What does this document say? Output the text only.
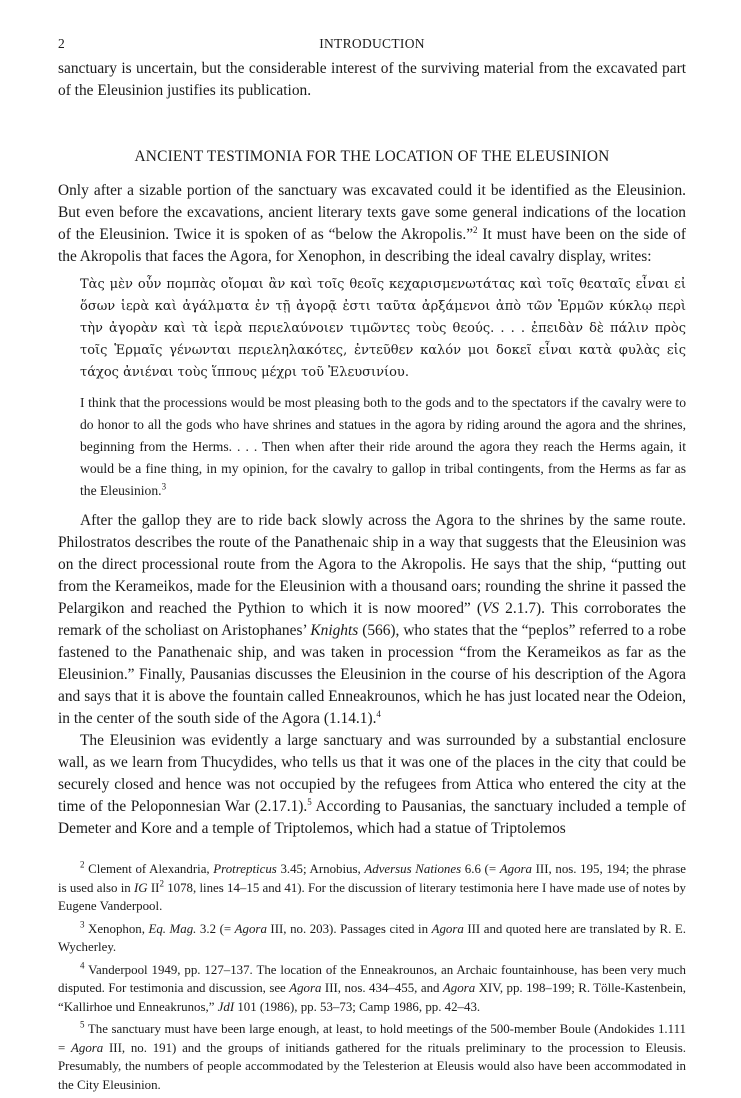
2	INTRODUCTION

sanctuary is uncertain, but the considerable interest of the surviving material from the excavated part of the Eleusinion justifies its publication.

ANCIENT TESTIMONIA FOR THE LOCATION OF THE ELEUSINION

Only after a sizable portion of the sanctuary was excavated could it be identified as the Eleusinion. But even before the excavations, ancient literary texts gave some general indications of the location of the Eleusinion. Twice it is spoken of as “below the Akropolis.”$^2$ It must have been on the side of the Akropolis that faces the Agora, for Xenophon, in describing the ideal cavalry display, writes:

Τὰς μὲν οὖν πομπὰς οἴομαι ἂν καὶ τοῖς θεοῖς κεχαρισμενωτάτας καὶ τοῖς θεαταῖς εἶναι εἰ ὅσων ἱερὰ καὶ ἀγάλματα ἐν τῇ ἀγορᾷ ἐστι ταῦτα ἀρξάμενοι ἀπὸ τῶν Ἑρμῶν κύκλῳ περὶ τὴν ἀγορὰν καὶ τὰ ἱερὰ περιελαύνοιεν τιμῶντες τοὺς θεούς. . . . ἐπειδὰν δὲ πάλιν πρὸς τοῖς Ἑρμαῖς γένωνται περιεληλακότες, ἐντεῦθεν καλόν μοι δοκεῖ εἶναι κατὰ φυλὰς εἰς τάχος ἀνιέναι τοὺς ἵππους μέχρι τοῦ Ἐλευσινίου.
I think that the processions would be most pleasing both to the gods and to the spectators if the cavalry were to do honor to all the gods who have shrines and statues in the agora by riding around the agora and the shrines, beginning from the Herms. . . . Then when after their ride around the agora they reach the Herms again, it would be a fine thing, in my opinion, for the cavalry to gallop in tribal contingents, from the Herms as far as the Eleusinion.$^3$

After the gallop they are to ride back slowly across the Agora to the shrines by the same route. Philostratos describes the route of the Panathenaic ship in a way that suggests that the Eleusinion was on the direct processional route from the Agora to the Akropolis. He says that the ship, “putting out from the Kerameikos, made for the Eleusinion with a thousand oars; rounding the shrine it passed the Pelargikon and reached the Pythion to which it is now moored” (VS 2.1.7). This corroborates the remark of the scholiast on Aristophanes’ Knights (566), who states that the “peplos” referred to a robe fastened to the Panathenaic ship, and was taken in procession “from the Kerameikos as far as the Eleusinion.” Finally, Pausanias discusses the Eleusinion in the course of his description of the Agora and says that it is above the fountain called Enneakrounos, which he has just located near the Odeion, in the center of the south side of the Agora (1.14.1).$^4$

The Eleusinion was evidently a large sanctuary and was surrounded by a substantial enclosure wall, as we learn from Thucydides, who tells us that it was one of the places in the city that could be securely closed and hence was not occupied by the refugees from Attica who entered the city at the time of the Peloponnesian War (2.17.1).$^5$ According to Pausanias, the sanctuary included a temple of Demeter and Kore and a temple of Triptolemos, which had a statue of Triptolemos

$^2$ Clement of Alexandria, Protrepticus 3.45; Arnobius, Adversus Nationes 6.6 (= Agora III, nos. 195, 194; the phrase is used also in IG $II^2$ 1078, lines 14–15 and 41). For the discussion of literary testimonia here I have made use of notes by Eugene Vanderpool.

$^3$ Xenophon, Eq. Mag. 3.2 (= Agora III, no. 203). Passages cited in Agora III and quoted here are translated by R. E. Wycherley.

$^4$ Vanderpool 1949, pp. 127–137. The location of the Enneakrounos, an Archaic fountainhouse, has been very much disputed. For testimonia and discussion, see Agora III, nos. 434–455, and Agora XIV, pp. 198–199; R. Tölle-Kastenbein, “Kallirhoe und Enneakrunos,” JdI 101 (1986), pp. 53–73; Camp 1986, pp. 42–43.

$^5$ The sanctuary must have been large enough, at least, to hold meetings of the 500-member Boule (Andokides 1.111 = Agora III, no. 191) and the groups of initiands gathered for the rituals preliminary to the procession to Eleusis. Presumably, the numbers of people accommodated by the Telesterion at Eleusis would also have been accommodated in the City Eleusinion.
